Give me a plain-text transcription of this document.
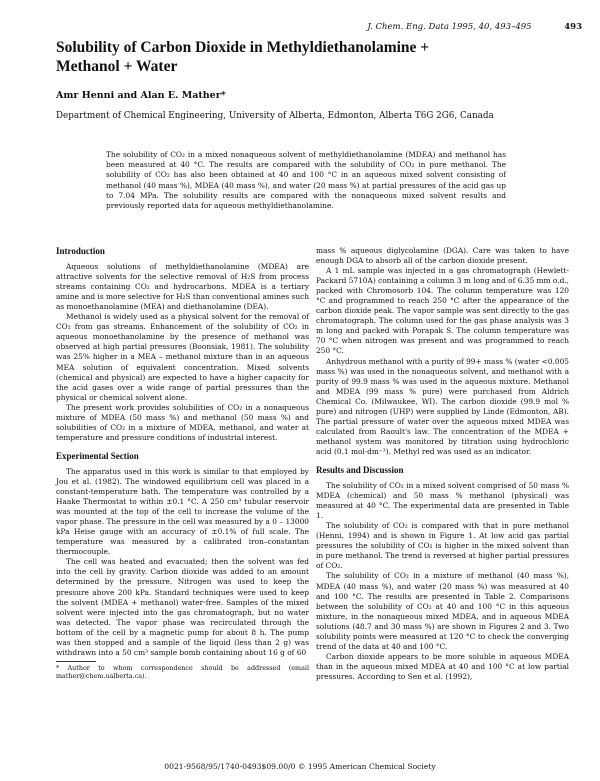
J. Chem. Eng. Data 1995, 40, 493–495	493
Solubility of Carbon Dioxide in Methyldiethanolamine +
Methanol + Water
Amr Henni and Alan E. Mather*
Department of Chemical Engineering, University of Alberta, Edmonton, Alberta T6G 2G6, Canada
The solubility of CO₂ in a mixed nonaqueous solvent of methyldiethanolamine (MDEA) and methanol has been measured at 40 °C. The results are compared with the solubility of CO₂ in pure methanol. The solubility of CO₂ has also been obtained at 40 and 100 °C in an aqueous mixed solvent consisting of methanol (40 mass %), MDEA (40 mass %), and water (20 mass %) at partial pressures of the acid gas up to 7.04 MPa. The solubility results are compared with the nonaqueous mixed solvent results and previously reported data for aqueous methyldiethanolamine.
Introduction

Aqueous solutions of methyldiethanolamine (MDEA) are attractive solvents for the selective removal of H₂S from process streams containing CO₂ and hydrocarbons. MDEA is a tertiary amine and is more selective for H₂S than conventional amines such as monoethanolamine (MEA) and diethanolamine (DEA).

Methanol is widely used as a physical solvent for the removal of CO₂ from gas streams. Enhancement of the solubility of CO₂ in aqueous monoethanolamine by the presence of methanol was observed at high partial pressures (Boonsiak, 1981). The solubility was 25% higher in a MEA – methanol mixture than in an aqueous MEA solution of equivalent concentration. Mixed solvents (chemical and physical) are expected to have a higher capacity for the acid gases over a wide range of partial pressures than the physical or chemical solvent alone.

The present work provides solubilities of CO₂ in a nonaqueous mixture of MDEA (50 mass %) and methanol (50 mass %) and solubilities of CO₂ in a mixture of MDEA, methanol, and water at temperature and pressure conditions of industrial interest.

Experimental Section

The apparatus used in this work is similar to that employed by Jou et al. (1982). The windowed equilibrium cell was placed in a constant-temperature bath. The temperature was controlled by a Haake Thermostat to within ±0.1 °C. A 250 cm³ tubular reservoir was mounted at the top of the cell to increase the volume of the vapor phase. The pressure in the cell was measured by a 0 – 13000 kPa Heise gauge with an accuracy of ±0.1% of full scale. The temperature was measured by a calibrated iron–constantan thermocouple.

The cell was heated and evacuated; then the solvent was fed into the cell by gravity. Carbon dioxide was added to an amount determined by the pressure. Nitrogen was used to keep the pressure above 200 kPa. Standard techniques were used to keep the solvent (MDEA + methanol) water-free. Samples of the mixed solvent were injected into the gas chromatograph, but no water was detected. The vapor phase was recirculated through the bottom of the cell by a magnetic pump for about 8 h. The pump was then stopped and a sample of the liquid (less than 2 g) was withdrawn into a 50 cm³ sample bomb containing about 16 g of 60

* Author to whom correspondence should be addressed (email mather@chem.ualberta.ca).

mass % aqueous diglycolamine (DGA). Care was taken to have enough DGA to absorb all of the carbon dioxide present.

A 1 mL sample was injected in a gas chromatograph (Hewlett-Packard 5710A) containing a column 3 m long and of 6.35 mm o.d., packed with Chromosorb 104. The column temperature was 120 °C and programmed to reach 250 °C after the appearance of the carbon dioxide peak. The vapor sample was sent directly to the gas chromatograph. The column used for the gas phase analysis was 3 m long and packed with Porapak S. The column temperature was 70 °C when nitrogen was present and was programmed to reach 250 °C.

Anhydrous methanol with a purity of 99+ mass % (water <0.005 mass %) was used in the nonaqueous solvent, and methanol with a purity of 99.9 mass % was used in the aqueous mixture. Methanol and MDEA (99 mass % pure) were purchased from Aldrich Chemical Co. (Milwaukee, WI). The carbon dioxide (99.9 mol % pure) and nitrogen (UHP) were supplied by Linde (Edmonton, AB). The partial pressure of water over the aqueous mixed MDEA was calculated from Raoult's law. The concentration of the MDEA + methanol system was monitored by titration using hydrochloric acid (0.1 mol·dm⁻³). Methyl red was used as an indicator.

Results and Discussion

The solubility of CO₂ in a mixed solvent comprised of 50 mass % MDEA (chemical) and 50 mass % methanol (physical) was measured at 40 °C. The experimental data are presented in Table 1.

The solubility of CO₂ is compared with that in pure methanol (Henni, 1994) and is shown in Figure 1. At low acid gas partial pressures the solubility of CO₂ is higher in the mixed solvent than in pure methanol. The trend is reversed at higher partial pressures of CO₂.

The solubility of CO₂ in a mixture of methanol (40 mass %), MDEA (40 mass %), and water (20 mass %) was measured at 40 and 100 °C. The results are presented in Table 2. Comparisons between the solubility of CO₂ at 40 and 100 °C in this aqueous mixture, in the nonaqueous mixed MDEA, and in aqueous MDEA solutions (48.7 and 30 mass %) are shown in Figures 2 and 3. Two solubility points were measured at 120 °C to check the converging trend of the data at 40 and 100 °C.

Carbon dioxide appears to be more soluble in aqueous MDEA than in the aqueous mixed MDEA at 40 and 100 °C at low partial pressures. According to Sen et al. (1992),

0021-9568/95/1740-0493$09.00/0 © 1995 American Chemical Society
